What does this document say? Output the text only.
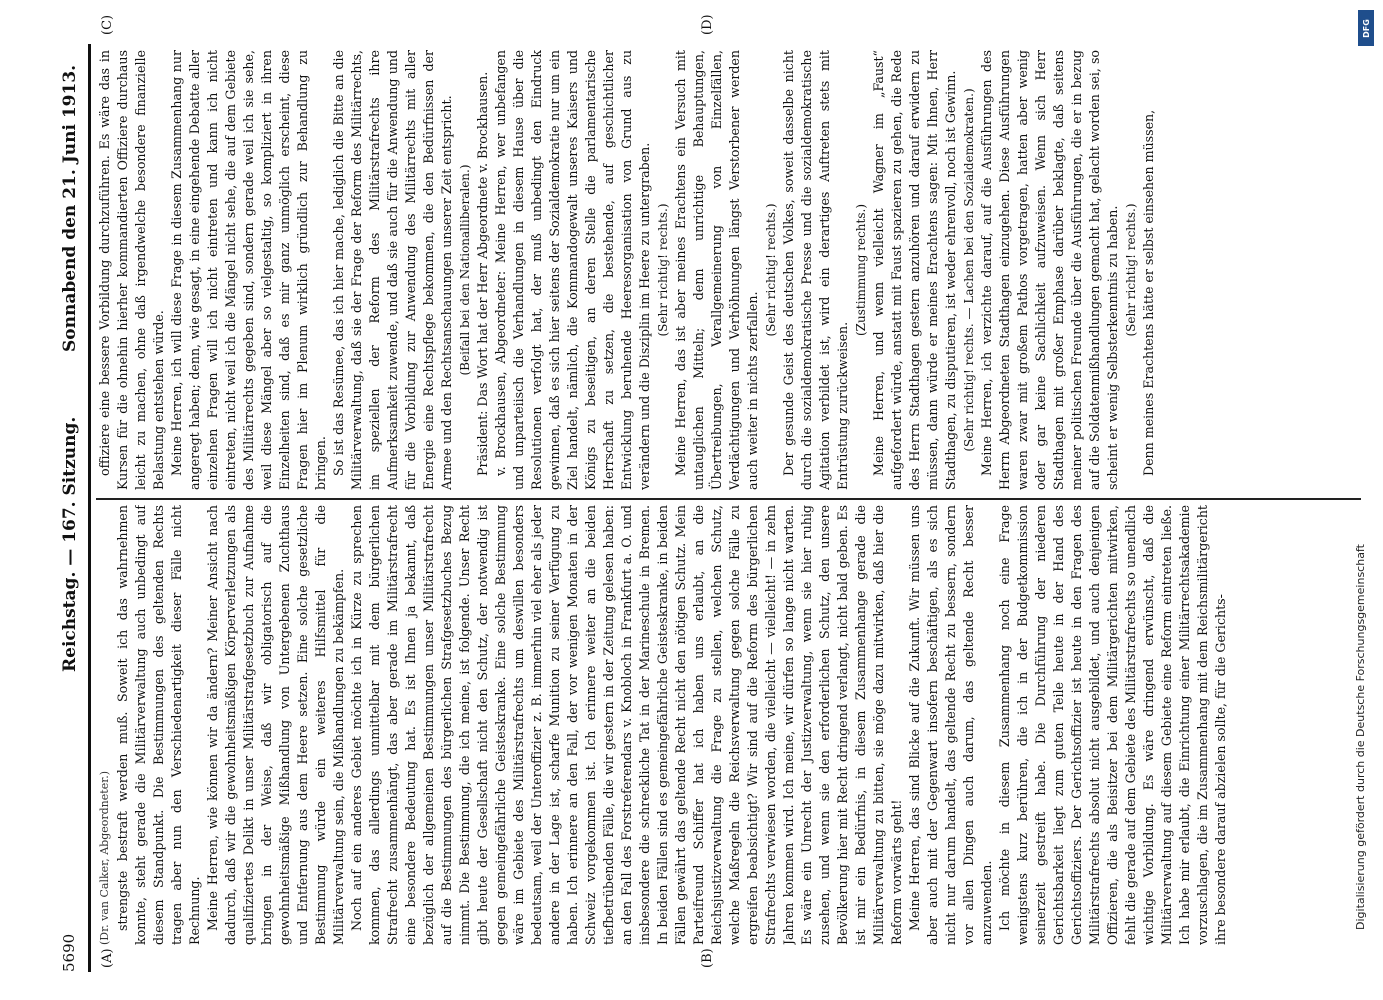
5690
Reichstag. — 167. Sitzung.
Sonnabend den 21. Juni 1913.
(A)	(B)
(C)	(D)

(Dr. van Calker, Abgeordneter.) strengste bestraft werden muß. Soweit ich das wahrnehmen konnte, steht gerade die Militärverwaltung auch unbedingt auf diesem Standpunkt. Die Bestimmungen des geltenden Rechts tragen aber nun den Verschiedenartigkeit dieser Fälle nicht Rechnung. Meine Herren, wie können wir da ändern? Meiner Ansicht nach dadurch, daß wir die gewohnheitsmäßigen Körperverletzungen als qualifiziertes Delikt in unser Militärstrafgesetzbuch zur Aufnahme bringen in der Weise, daß wir obligatorisch auf die gewohnheitsmäßige Mißhandlung von Untergebenen Zuchthaus und Entfernung aus dem Heere setzen. Eine solche gesetzliche Bestimmung würde ein weiteres Hilfsmittel für die Militärverwaltung sein, die Mißhandlungen zu bekämpfen. Noch auf ein anderes Gebiet möchte ich in Kürze zu sprechen kommen, das allerdings unmittelbar mit dem bürgerlichen Strafrecht zusammenhängt, das aber gerade im Militärstrafrecht eine besondere Bedeutung hat. Es ist Ihnen ja bekannt, daß bezüglich der allgemeinen Bestimmungen unser Militärstrafrecht auf die Bestimmungen des bürgerlichen Strafgesetzbuches Bezug nimmt. Die Bestimmung, die ich meine, ist folgende. Unser Recht gibt heute der Gesellschaft nicht den Schutz, der notwendig ist gegen gemeingefährliche Geisteskranke. Eine solche Bestimmung wäre im Gebiete des Militärstrafrechts um deswillen besonders bedeutsam, weil der Unteroffizier z. B. immerhin viel eher als jeder andere in der Lage ist, scharfe Munition zu seiner Verfügung zu haben. Ich erinnere an den Fall, der vor wenigen Monaten in der Schweiz vorgekommen ist. Ich erinnere weiter an die beiden tiefbetrübenden Fälle, die wir gestern in der Zeitung gelesen haben: an den Fall des Forstreferendars v. Knobloch in Frankfurt a. O. und insbesondere die schreckliche Tat in der Marineschule in Bremen. In beiden Fällen sind es gemeingefährliche Geisteskranke, in beiden Fällen gewährt das geltende Recht nicht den nötigen Schutz. Mein Parteifreund Schiffer hat ich haben uns erlaubt, an die Reichsjustizverwaltung die Frage zu stellen, welchen Schutz, welche Maßregeln die Reichsverwaltung gegen solche Fälle zu ergreifen beabsichtigt? Wir sind auf die Reform des bürgerlichen Strafrechts verwiesen worden, die vielleicht — vielleicht! — in zehn Jahren kommen wird. Ich meine, wir dürfen so lange nicht warten. Es wäre ein Unrecht der Justizverwaltung, wenn sie hier ruhig zusehen, und wenn sie den erforderlichen Schutz, den unsere Bevölkerung hier mit Recht dringend verlangt, nicht bald geben. Es ist mir ein Bedürfnis, in diesem Zusammenhange gerade die Militärverwaltung zu bitten, sie möge dazu mitwirken, daß hier die Reform vorwärts geht! Meine Herren, das sind Blicke auf die Zukunft. Wir müssen uns aber auch mit der Gegenwart insofern beschäftigen, als es sich nicht nur darum handelt, das geltende Recht zu bessern, sondern vor allen Dingen auch darum, das geltende Recht besser anzuwenden. Ich möchte in diesem Zusammenhang noch eine Frage wenigstens kurz berühren, die ich in der Budgetkommission seinerzeit gestreift habe. Die Durchführung der niederen Gerichtsbarkeit liegt zum guten Teile heute in der Hand des Gerichtsoffiziers. Der Gerichtsoffizier ist heute in den Fragen des Militärstrafrechts absolut nicht ausgebildet, und auch denjenigen Offizieren, die als Beisitzer bei dem Militärgerichten mitwirken, fehlt die gerade auf dem Gebiete des Militärstrafrechts so unendlich wichtige Vorbildung. Es wäre dringend erwünscht, daß die Militärverwaltung auf diesem Gebiete eine Reform eintreten ließe. Ich habe mir erlaubt, die Einrichtung einer Militärrechtsakademie vorzuschlagen, die im Zusammenhang mit dem Reichsmilitärgericht ihre besondere darauf abzielen sollte, für die Gerichts-

offiziere eine bessere Vorbildung durchzuführen. Es wäre das in Kursen für die ohnehin hierher kommandierten Offiziere durchaus leicht zu machen, ohne daß irgendwelche besondere finanzielle Belastung entstehen würde. Meine Herren, ich will diese Frage in diesem Zusammenhang nur angeregt haben; denn, wie gesagt, in eine eingehende Debatte aller einzelnen Fragen will ich nicht eintreten und kann ich nicht eintreten, nicht weil ich die Mängel nicht sehe, die auf dem Gebiete des Militärrechts gegeben sind, sondern gerade weil ich sie sehe, weil diese Mängel aber so vielgestaltig, so kompliziert in ihren Einzelheiten sind, daß es mir ganz unmöglich erscheint, diese Fragen hier im Plenum wirklich gründlich zur Behandlung zu bringen. So ist das Resümee, das ich hier mache, lediglich die Bitte an die Militärverwaltung, daß sie der Frage der Reform des Militärrechts, im speziellen der Reform des Militärstrafrechts ihre Aufmerksamkeit zuwende, und daß sie auch für die Anwendung und für die Vorbildung zur Anwendung des Militärrechts mit aller Energie eine Rechtspflege bekommen, die den Bedürfnissen der Armee und den Rechtsanschauungen unserer Zeit entspricht. (Beifall bei den Nationalliberalen.) Präsident: Das Wort hat der Herr Abgeordnete v. Brockhausen. v. Brockhausen, Abgeordneter: Meine Herren, wer unbefangen und unparteiisch die Verhandlungen in diesem Hause über die Resolutionen verfolgt hat, der muß unbedingt den Eindruck gewinnen, daß es sich hier seitens der Sozialdemokratie nur um ein Ziel handelt, nämlich, die Kommandogewalt unseres Kaisers und Königs zu beseitigen, an deren Stelle die parlamentarische Herrschaft zu setzen, die bestehende, auf geschichtlicher Entwicklung beruhende Heeresorganisation von Grund aus zu verändern und die Disziplin im Heere zu untergraben. (Sehr richtig! rechts.) Meine Herren, das ist aber meines Erachtens ein Versuch mit untauglichen Mitteln; denn unrichtige Behauptungen, Übertreibungen, Verallgemeinerung von Einzelfällen, Verdächtigungen und Verhöhnungen längst Verstorbener werden auch weiter in nichts zerfallen.

(Sehr richtig! rechts.) Der gesunde Geist des deutschen Volkes, soweit dasselbe nicht durch die sozialdemokratische Presse und die sozialdemokratische Agitation verbildet ist, wird ein derartiges Auftreten stets mit Entrüstung zurückweisen.

(Zustimmung rechts.) Meine Herren, und wenn vielleicht Wagner im „Faust“ aufgefordert würde, anstatt mit Faust spazieren zu gehen, die Rede des Herrn Stadthagen gestern anzuhören und darauf erwidern zu müssen, dann würde er meines Erachtens sagen: Mit Ihnen, Herr Stadthagen, zu disputieren, ist weder ehrenvoll, noch ist Gewinn. (Sehr richtig! rechts. — Lachen bei den Sozialdemokraten.) Meine Herren, ich verzichte darauf, auf die Ausführungen des Herrn Abgeordneten Stadthagen einzugehen. Diese Ausführungen waren zwar mit großem Pathos vorgetragen, hatten aber wenig oder gar keine Sachlichkeit aufzuweisen. Wenn sich Herr Stadthagen mit großer Emphase darüber beklagte, daß seitens meiner politischen Freunde über die Ausführungen, die er in bezug auf die Soldatenmißhandlungen gemacht hat, gelacht worden sei, so scheint er wenig Selbsterkenntnis zu haben. (Sehr richtig! rechts.) Denn meines Erachtens hätte er selbst einsehen müssen,

DFG
Digitalisierung gefördert durch die Deutsche Forschungsgemeinschaft
